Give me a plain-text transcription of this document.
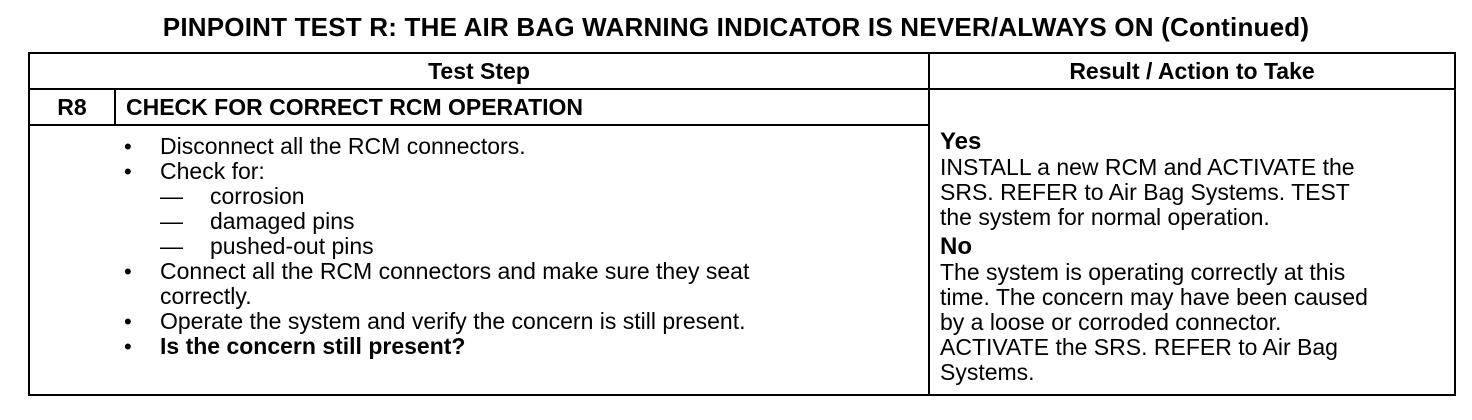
PINPOINT TEST R: THE AIR BAG WARNING INDICATOR IS NEVER/ALWAYS ON (Continued)
Test Step	Result / Action to Take
R8	CHECK FOR CORRECT RCM OPERATION
• Disconnect all the RCM connectors.
• Check for:
— corrosion
— damaged pins
— pushed-out pins
• Connect all the RCM connectors and make sure they seat
correctly.
• Operate the system and verify the concern is still present.
• Is the concern still present?
Yes
INSTALL a new RCM and ACTIVATE the
SRS. REFER to Air Bag Systems. TEST
the system for normal operation.
No
The system is operating correctly at this
time. The concern may have been caused
by a loose or corroded connector.
ACTIVATE the SRS. REFER to Air Bag
Systems.
